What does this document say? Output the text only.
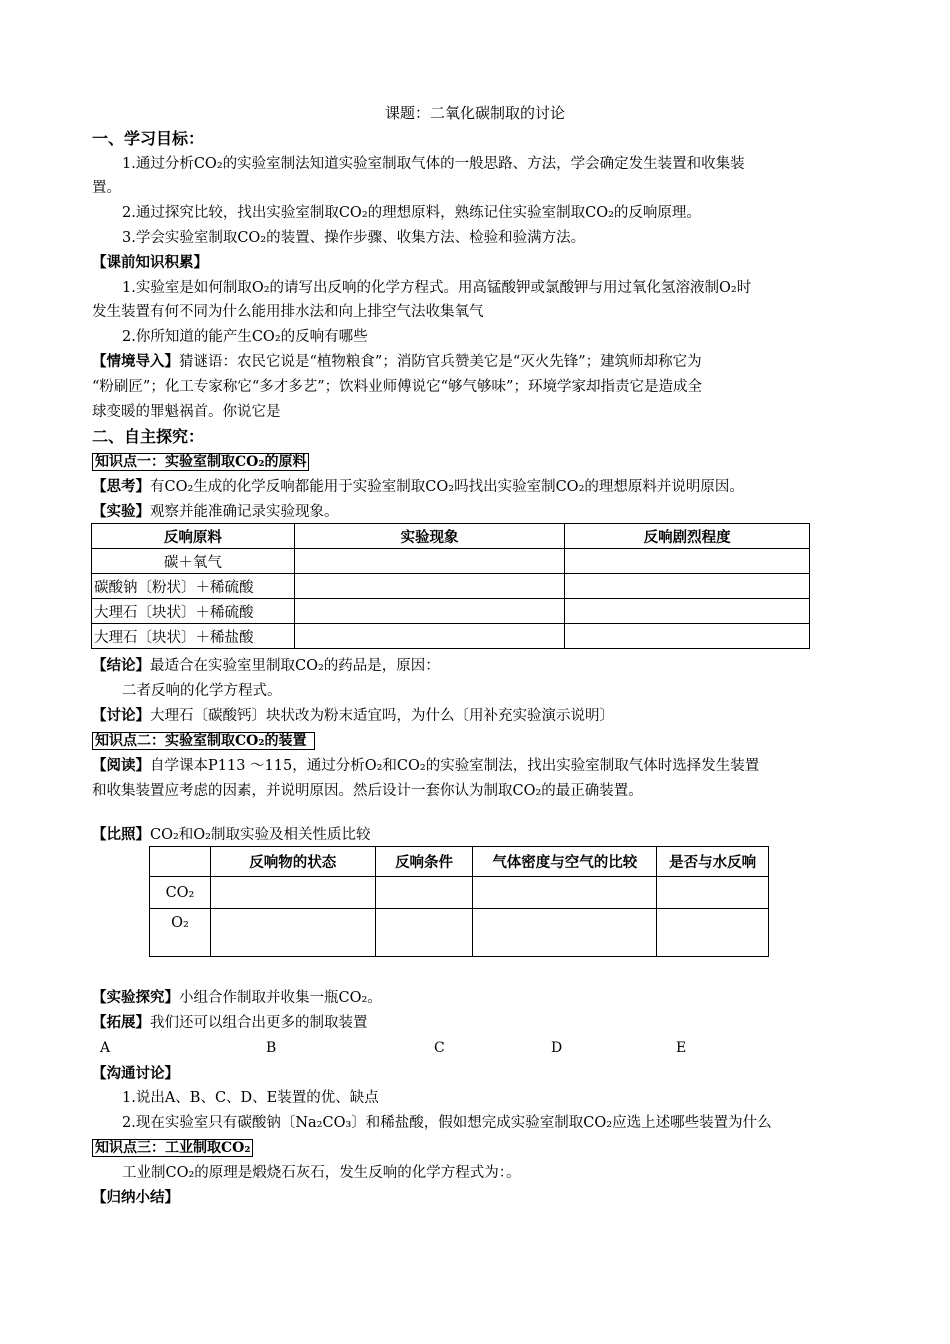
课题：二氧化碳制取的讨论
一、学习目标：
1.通过分析CO₂的实验室制法知道实验室制取气体的一般思路、方法，学会确定发生装置和收集装
置。
2.通过探究比较，找出实验室制取CO₂的理想原料，熟练记住实验室制取CO₂的反响原理。
3.学会实验室制取CO₂的装置、操作步骤、收集方法、检验和验满方法。
【课前知识积累】
1.实验室是如何制取O₂的请写出反响的化学方程式。用高锰酸钾或氯酸钾与用过氧化氢溶液制O₂时
发生装置有何不同为什么能用排水法和向上排空气法收集氧气
2.你所知道的能产生CO₂的反响有哪些
【情境导入】猜谜语：农民它说是“植物粮食”；消防官兵赞美它是“灭火先锋”；建筑师却称它为
“粉刷匠”；化工专家称它“多才多艺”；饮料业师傅说它“够气够味”；环境学家却指责它是造成全
球变暖的罪魁祸首。你说它是
二、自主探究：
知识点一：实验室制取CO₂的原料
【思考】有CO₂生成的化学反响都能用于实验室制取CO₂吗找出实验室制CO₂的理想原料并说明原因。
【实验】观察并能准确记录实验现象。
反响原料	实验现象	反响剧烈程度
碳＋氧气		
碳酸钠〔粉状〕＋稀硫酸		
大理石〔块状〕＋稀硫酸		
大理石〔块状〕＋稀盐酸		
【结论】最适合在实验室里制取CO₂的药品是，原因：
二者反响的化学方程式。
【讨论】大理石〔碳酸钙〕块状改为粉末适宜吗，为什么〔用补充实验演示说明〕
知识点二：实验室制取CO₂的装置
【阅读】自学课本P113 ～115，通过分析O₂和CO₂的实验室制法，找出实验室制取气体时选择发生装置
和收集装置应考虑的因素，并说明原因。然后设计一套你认为制取CO₂的最正确装置。
【比照】CO₂和O₂制取实验及相关性质比较
	反响物的状态	反响条件	气体密度与空气的比较	是否与水反响
CO₂				
O₂				
【实验探究】小组合作制取并收集一瓶CO₂。
【拓展】我们还可以组合出更多的制取装置
A	B	C	D	E
【沟通讨论】
1.说出A、B、C、D、E装置的优、缺点
2.现在实验室只有碳酸钠〔Na₂CO₃〕和稀盐酸，假如想完成实验室制取CO₂应选上述哪些装置为什么
知识点三：工业制取CO₂
工业制CO₂的原理是煅烧石灰石，发生反响的化学方程式为：。
【归纳小结】
